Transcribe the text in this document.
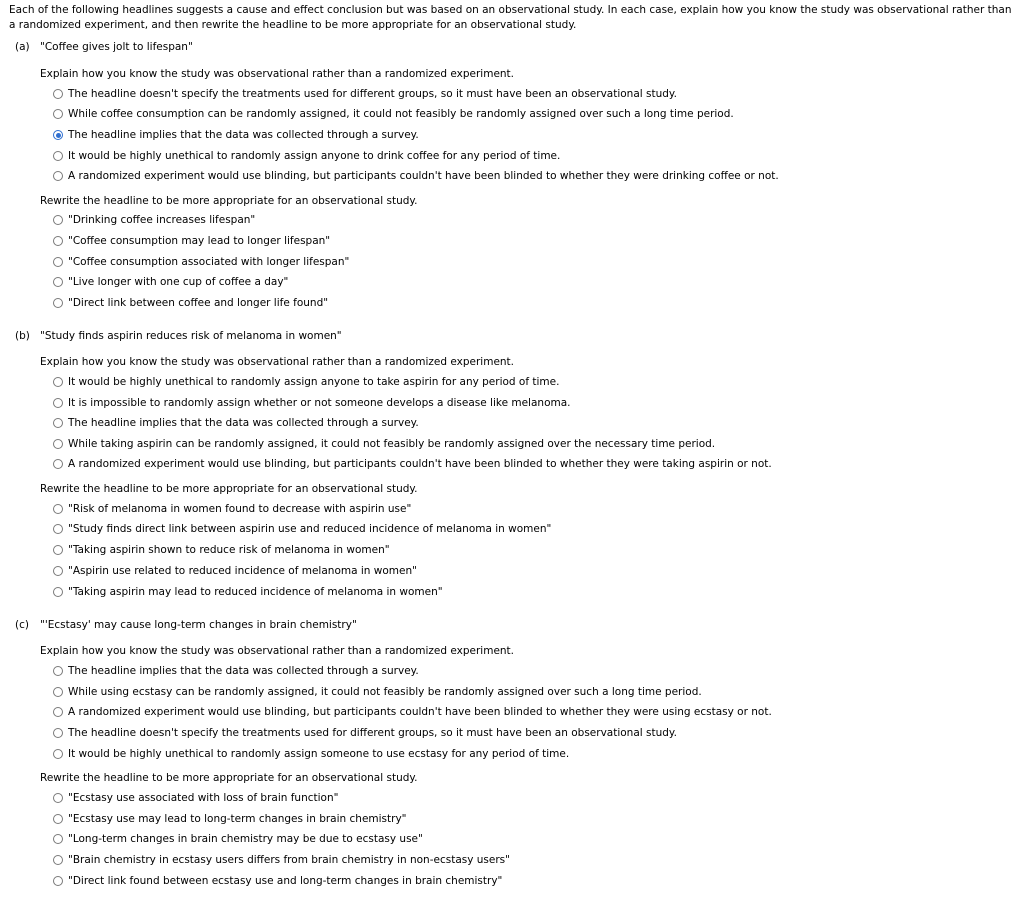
Each of the following headlines suggests a cause and effect conclusion but was based on an observational study. In each case, explain how you know the study was observational rather than a randomized experiment, and then rewrite the headline to be more appropriate for an observational study.
(a) "Coffee gives jolt to lifespan"
Explain how you know the study was observational rather than a randomized experiment.
The headline doesn't specify the treatments used for different groups, so it must have been an observational study.
While coffee consumption can be randomly assigned, it could not feasibly be randomly assigned over such a long time period.
The headline implies that the data was collected through a survey.
It would be highly unethical to randomly assign anyone to drink coffee for any period of time.
A randomized experiment would use blinding, but participants couldn't have been blinded to whether they were drinking coffee or not.
Rewrite the headline to be more appropriate for an observational study.
"Drinking coffee increases lifespan"
"Coffee consumption may lead to longer lifespan"
"Coffee consumption associated with longer lifespan"
"Live longer with one cup of coffee a day"
"Direct link between coffee and longer life found"
(b) "Study finds aspirin reduces risk of melanoma in women"
Explain how you know the study was observational rather than a randomized experiment.
It would be highly unethical to randomly assign anyone to take aspirin for any period of time.
It is impossible to randomly assign whether or not someone develops a disease like melanoma.
The headline implies that the data was collected through a survey.
While taking aspirin can be randomly assigned, it could not feasibly be randomly assigned over the necessary time period.
A randomized experiment would use blinding, but participants couldn't have been blinded to whether they were taking aspirin or not.
Rewrite the headline to be more appropriate for an observational study.
"Risk of melanoma in women found to decrease with aspirin use"
"Study finds direct link between aspirin use and reduced incidence of melanoma in women"
"Taking aspirin shown to reduce risk of melanoma in women"
"Aspirin use related to reduced incidence of melanoma in women"
"Taking aspirin may lead to reduced incidence of melanoma in women"
(c) "'Ecstasy' may cause long-term changes in brain chemistry"
Explain how you know the study was observational rather than a randomized experiment.
The headline implies that the data was collected through a survey.
While using ecstasy can be randomly assigned, it could not feasibly be randomly assigned over such a long time period.
A randomized experiment would use blinding, but participants couldn't have been blinded to whether they were using ecstasy or not.
The headline doesn't specify the treatments used for different groups, so it must have been an observational study.
It would be highly unethical to randomly assign someone to use ecstasy for any period of time.
Rewrite the headline to be more appropriate for an observational study.
"Ecstasy use associated with loss of brain function"
"Ecstasy use may lead to long-term changes in brain chemistry"
"Long-term changes in brain chemistry may be due to ecstasy use"
"Brain chemistry in ecstasy users differs from brain chemistry in non-ecstasy users"
"Direct link found between ecstasy use and long-term changes in brain chemistry"
